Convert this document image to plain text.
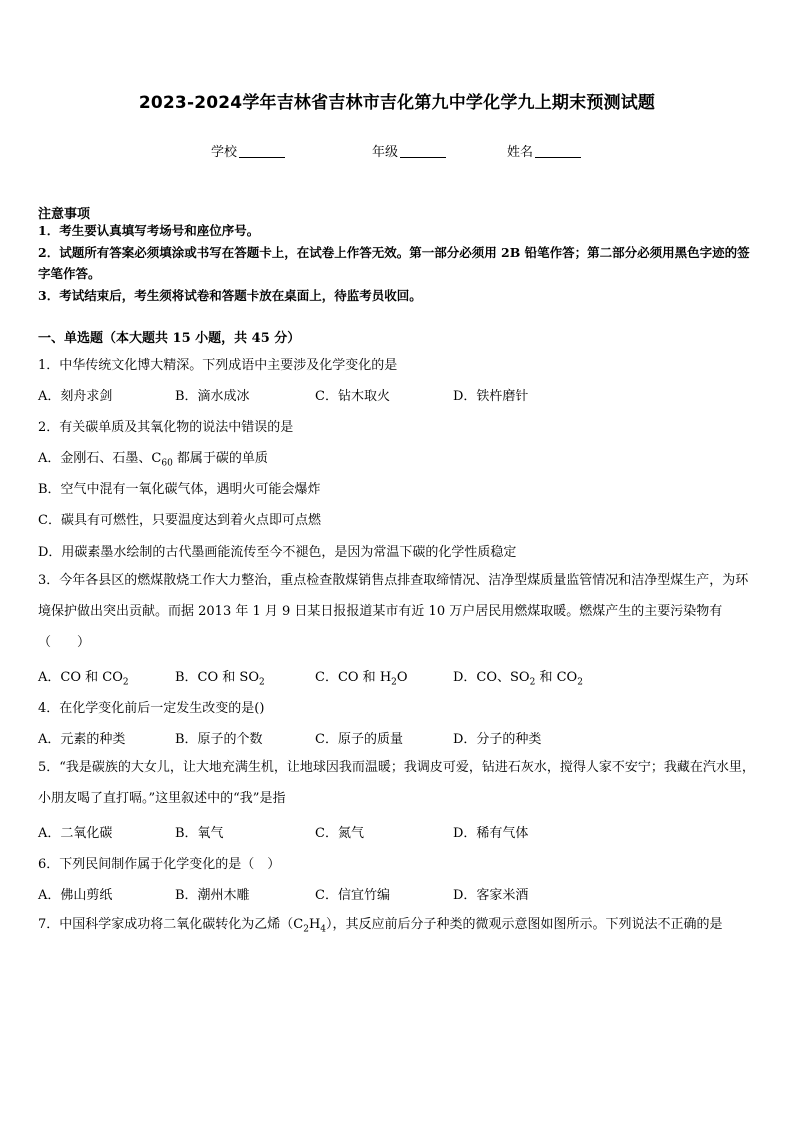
2023-2024学年吉林省吉林市吉化第九中学化学九上期末预测试题
学校	年级	姓名
注意事项
1．考生要认真填写考场号和座位序号。
2．试题所有答案必须填涂或书写在答题卡上，在试卷上作答无效。第一部分必须用 2B 铅笔作答；第二部分必须用黑色字迹的签字笔作答。
3．考试结束后，考生须将试卷和答题卡放在桌面上，待监考员收回。
一、单选题（本大题共 15 小题，共 45 分）
1．中华传统文化博大精深。下列成语中主要涉及化学变化的是
A．刻舟求剑	B．滴水成冰	C．钻木取火	D．铁杵磨针
2．有关碳单质及其氧化物的说法中错误的是
A．金刚石、石墨、$C_{60}$ 都属于碳的单质
B．空气中混有一氧化碳气体，遇明火可能会爆炸
C．碳具有可燃性，只要温度达到着火点即可点燃
D．用碳素墨水绘制的古代墨画能流传至今不褪色，是因为常温下碳的化学性质稳定
3．今年各县区的燃煤散烧工作大力整治，重点检查散煤销售点排查取缔情况、洁净型煤质量监管情况和洁净型煤生产，为环境保护做出突出贡献。而据 2013 年 1 月 9 日某日报报道某市有近 10 万户居民用燃煤取暖。燃煤产生的主要污染物有（　　）
A．CO 和 $CO_2$	B．CO 和 $SO_2$	C．CO 和 $H_2O$	D．CO、$SO_2$ 和 $CO_2$
4．在化学变化前后一定发生改变的是()
A．元素的种类	B．原子的个数	C．原子的质量	D．分子的种类
5．“我是碳族的大女儿，让大地充满生机，让地球因我而温暖；我调皮可爱，钻进石灰水，搅得人家不安宁；我藏在汽水里，小朋友喝了直打嗝。”这里叙述中的“我”是指
A．二氧化碳	B．氧气	C．氮气	D．稀有气体
6．下列民间制作属于化学变化的是（　）
A．佛山剪纸	B．潮州木雕	C．信宜竹编	D．客家米酒
7．中国科学家成功将二氧化碳转化为乙烯$(C_2H_4)$，其反应前后分子种类的微观示意图如图所示。下列说法不正确的是
